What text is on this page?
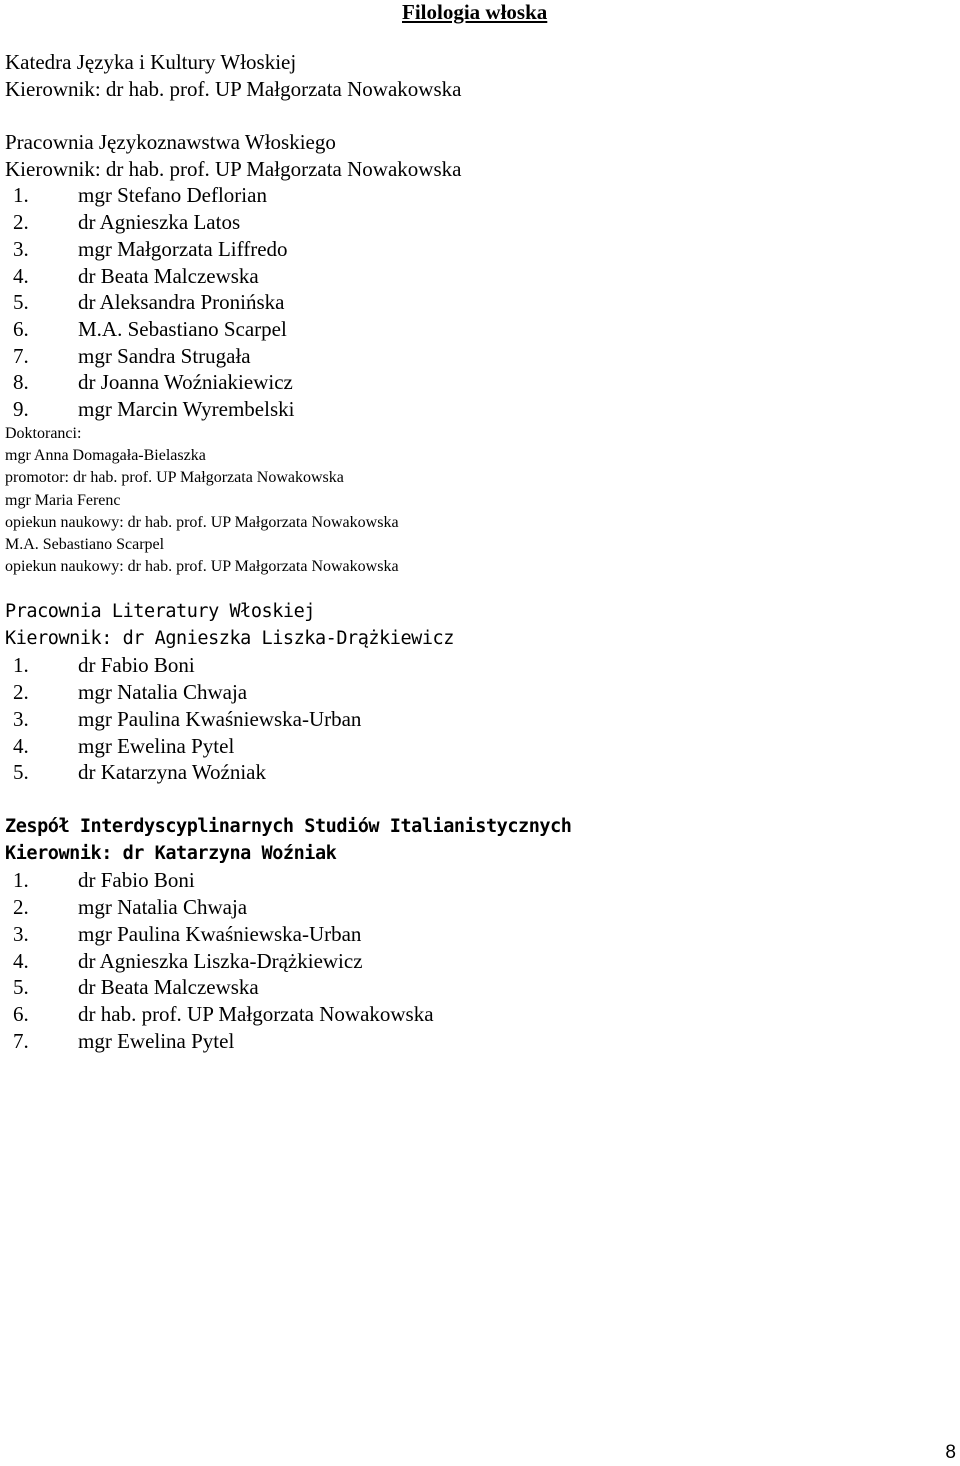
Filologia włoska
Katedra Języka i Kultury Włoskiej
Kierownik: dr hab. prof. UP Małgorzata Nowakowska
Pracownia Językoznawstwa Włoskiego
Kierownik: dr hab. prof. UP Małgorzata Nowakowska
1.	mgr Stefano Deflorian
2.	dr Agnieszka Latos
3.	mgr Małgorzata Liffredo
4.	dr Beata Malczewska
5.	dr Aleksandra Pronińska
6.	M.A. Sebastiano Scarpel
7.	mgr Sandra Strugała
8.	dr Joanna Woźniakiewicz
9.	mgr Marcin Wyrembelski
Doktoranci:
mgr Anna Domagała-Bielaszka
promotor: dr hab. prof. UP Małgorzata Nowakowska
mgr Maria Ferenc
opiekun naukowy: dr hab. prof. UP Małgorzata Nowakowska
M.A. Sebastiano Scarpel
opiekun naukowy: dr hab. prof. UP Małgorzata Nowakowska
Pracownia Literatury Włoskiej
Kierownik: dr Agnieszka Liszka-Drążkiewicz
1.	dr Fabio Boni
2.	mgr Natalia Chwaja
3.	mgr Paulina Kwaśniewska-Urban
4.	mgr Ewelina Pytel
5.	dr Katarzyna Woźniak
Zespół Interdyscyplinarnych Studiów Italianistycznych
Kierownik: dr Katarzyna Woźniak
1.	dr Fabio Boni
2.	mgr Natalia Chwaja
3.	mgr Paulina Kwaśniewska-Urban
4.	dr Agnieszka Liszka-Drążkiewicz
5.	dr Beata Malczewska
6.	dr hab. prof. UP Małgorzata Nowakowska
7.	mgr Ewelina Pytel
8
